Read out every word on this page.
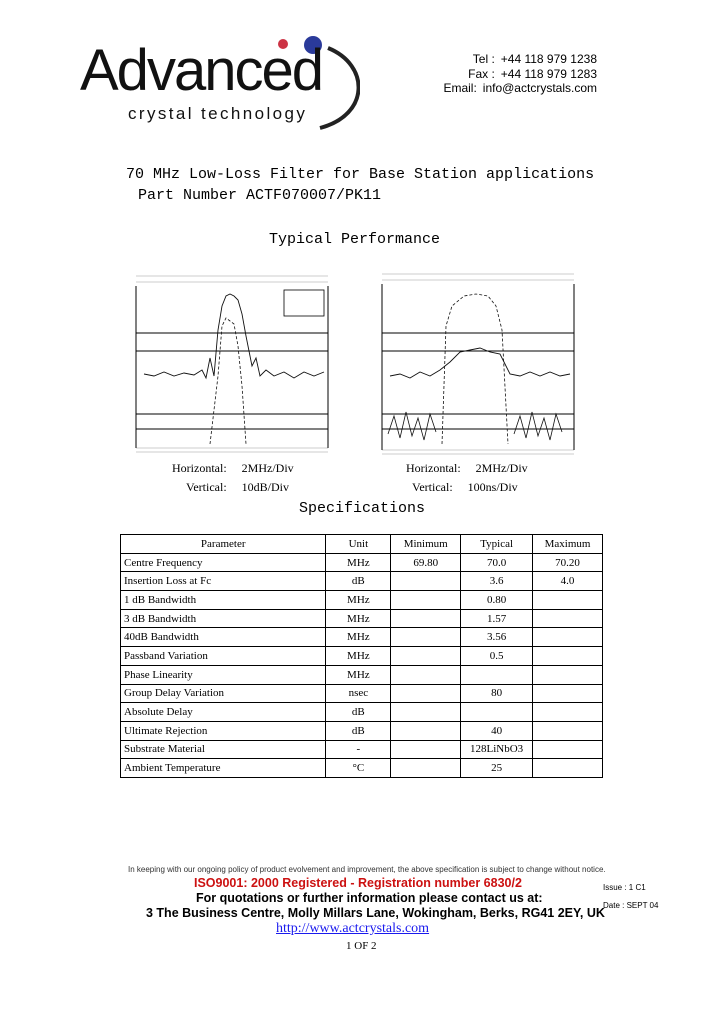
Advanced
crystal technology
Tel : +44 118 979 1238
Fax : +44 118 979 1283
Email: info@actcrystals.com
70 MHz Low-Loss Filter for Base Station applications
Part Number ACTF070007/PK11
Typical Performance
Horizontal: 2MHz/Div
Vertical: 10dB/Div
Horizontal: 2MHz/Div
Vertical: 100ns/Div
Specifications
Parameter	Unit	Minimum	Typical	Maximum
Centre Frequency	MHz	69.80	70.0	70.20
Insertion Loss at Fc	dB		3.6	4.0
1 dB Bandwidth	MHz		0.80	
3 dB Bandwidth	MHz		1.57	
40dB Bandwidth	MHz		3.56	
Passband Variation	MHz		0.5	
Phase Linearity	MHz			
Group Delay Variation	nsec		80	
Absolute Delay	dB			
Ultimate Rejection	dB		40	
Substrate Material	-		128LiNbO3	
Ambient Temperature	°C		25	
In keeping with our ongoing policy of product evolvement and improvement, the above specification is subject to change without notice.
ISO9001: 2000 Registered - Registration number 6830/2
For quotations or further information please contact us at:
3 The Business Centre, Molly Millars Lane, Wokingham, Berks, RG41 2EY, UK
http://www.actcrystals.com
1 OF 2
Issue : 1 C1
Date : SEPT 04
